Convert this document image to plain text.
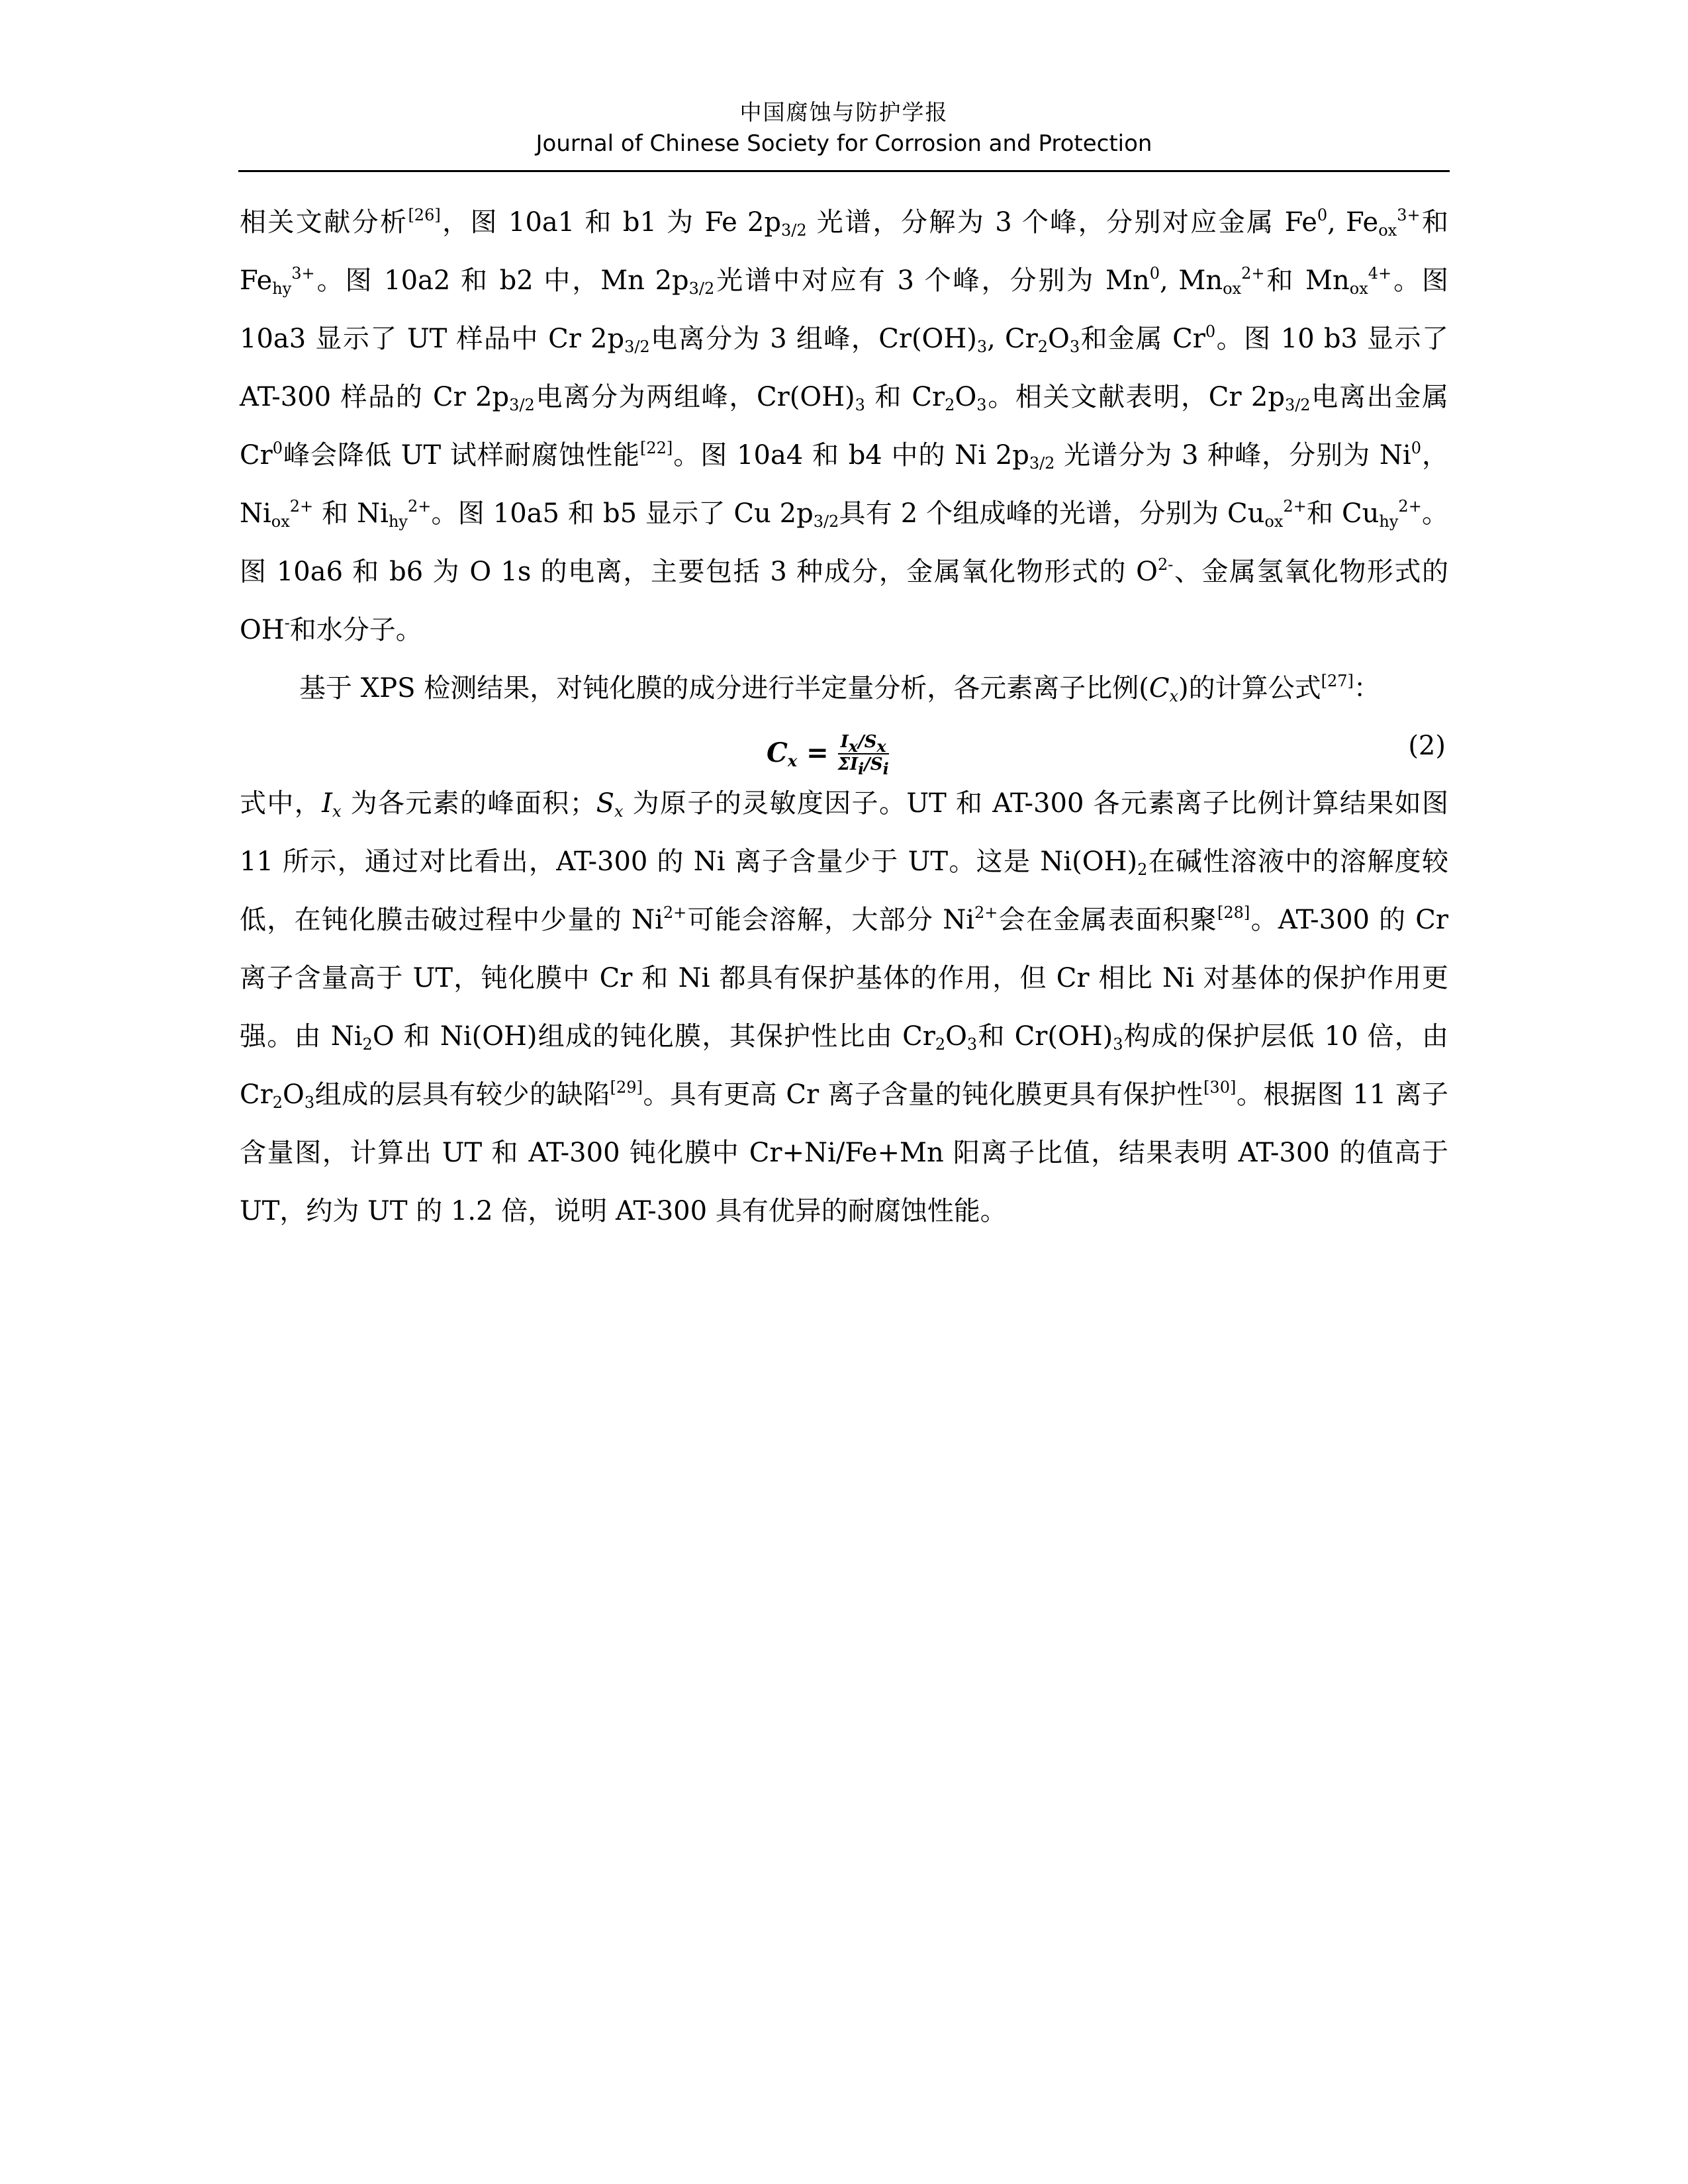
中国腐蚀与防护学报
Journal of Chinese Society for Corrosion and Protection

相关文献分析[26]，图 10a1 和 b1 为 Fe $2p_{3/2}$ 光谱，分解为 3 个峰，分别对应金属 Fe$^0$, $Fe_{ox}^{3+}$和 $Fe_{hy}^{3+}$。图 10a2 和 b2 中，Mn $2p_{3/2}$光谱中对应有 3 个峰，分别为 Mn$^0$, $Mn_{ox}^{2+}$和 $Mn_{ox}^{4+}$。图 10a3 显示了 UT 样品中 Cr $2p_{3/2}$电离分为 3 组峰，$Cr(OH)_3$, $Cr_2O_3$和金属 Cr$^0$。图 10 b3 显示了 AT-300 样品的 Cr $2p_{3/2}$电离分为两组峰，$Cr(OH)_3$ 和 $Cr_2O_3$。相关文献表明，Cr $2p_{3/2}$电离出金属 Cr$^0$峰会降低 UT 试样耐腐蚀性能[22]。图 10a4 和 b4 中的 Ni $2p_{3/2}$ 光谱分为 3 种峰，分别为 Ni$^0$，$Ni_{ox}^{2+}$ 和 $Ni_{hy}^{2+}$。图 10a5 和 b5 显示了 Cu $2p_{3/2}$具有 2 个组成峰的光谱，分别为 $Cu_{ox}^{2+}$和 $Cu_{hy}^{2+}$。图 10a6 和 b6 为 O 1s 的电离，主要包括 3 种成分，金属氧化物形式的 $O^{2-}$、金属氢氧化物形式的 OH-和水分子。

基于 XPS 检测结果，对钝化膜的成分进行半定量分析，各元素离子比例$(C_x)$的计算公式[27]：

$C_x = \frac{I_x/S_x}{\Sigma I_i/S_i}$	(2)

式中，$I_x$ 为各元素的峰面积；$S_x$ 为原子的灵敏度因子。UT 和 AT-300 各元素离子比例计算结果如图 11 所示，通过对比看出，AT-300 的 Ni 离子含量少于 UT。这是 $Ni(OH)_2$在碱性溶液中的溶解度较低，在钝化膜击破过程中少量的 $Ni^{2+}$可能会溶解，大部分 $Ni^{2+}$会在金属表面积聚[28]。AT-300 的 Cr 离子含量高于 UT，钝化膜中 Cr 和 Ni 都具有保护基体的作用，但 Cr 相比 Ni 对基体的保护作用更强。由 $Ni_2O$ 和 Ni(OH)组成的钝化膜，其保护性比由 $Cr_2O_3$和 $Cr(OH)_3$构成的保护层低 10 倍，由 $Cr_2O_3$组成的层具有较少的缺陷[29]。具有更高 Cr 离子含量的钝化膜更具有保护性[30]。根据图 11 离子含量图，计算出 UT 和 AT-300 钝化膜中 Cr+Ni/Fe+Mn 阳离子比值，结果表明 AT-300 的值高于 UT，约为 UT 的 1.2 倍，说明 AT-300 具有优异的耐腐蚀性能。
